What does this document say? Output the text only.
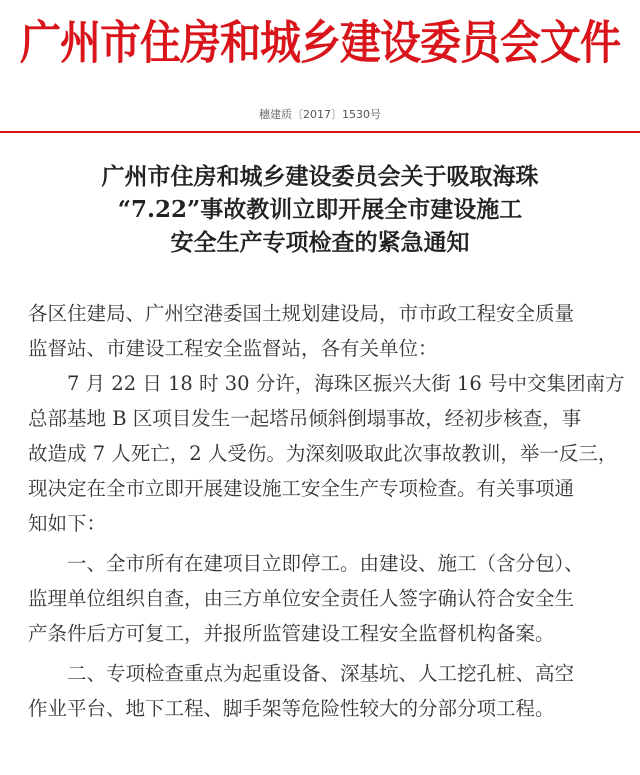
广州市住房和城乡建设委员会文件
穗建质〔2017〕1530号
广州市住房和城乡建设委员会关于吸取海珠
“7.22”事故教训立即开展全市建设施工
安全生产专项检查的紧急通知

各区住建局、广州空港委国土规划建设局，市市政工程安全质量

监督站、市建设工程安全监督站，各有关单位：

7 月 22 日 18 时 30 分许，海珠区振兴大街 16 号中交集团南方

总部基地 B 区项目发生一起塔吊倾斜倒塌事故，经初步核查，事

故造成 7 人死亡，2 人受伤。为深刻吸取此次事故教训，举一反三，

现决定在全市立即开展建设施工安全生产专项检查。有关事项通

知如下：

一、全市所有在建项目立即停工。由建设、施工（含分包）、

监理单位组织自查，由三方单位安全责任人签字确认符合安全生

产条件后方可复工，并报所监管建设工程安全监督机构备案。

二、专项检查重点为起重设备、深基坑、人工挖孔桩、高空

作业平台、地下工程、脚手架等危险性较大的分部分项工程。
